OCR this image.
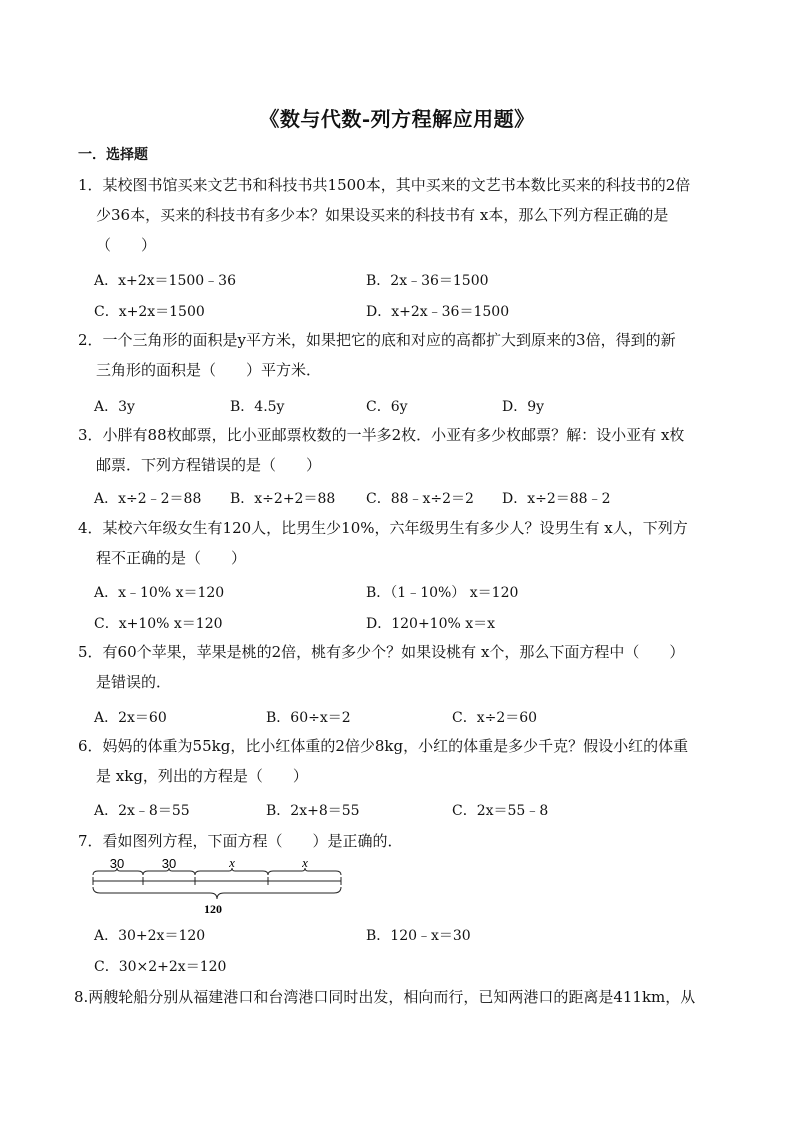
《数与代数-列方程解应用题》
一．选择题
1．某校图书馆买来文艺书和科技书共1500本，其中买来的文艺书本数比买来的科技书的2倍
少36本，买来的科技书有多少本？如果设买来的科技书有 x本，那么下列方程正确的是
（　　）
A．x+2x＝1500﹣36	B．2x﹣36＝1500
C．x+2x＝1500	D．x+2x﹣36＝1500
2．一个三角形的面积是y平方米，如果把它的底和对应的高都扩大到原来的3倍，得到的新
三角形的面积是（　　）平方米．
A．3y	B．4.5y	C．6y	D．9y
3．小胖有88枚邮票，比小亚邮票枚数的一半多2枚．小亚有多少枚邮票？解：设小亚有 x枚
邮票．下列方程错误的是（　　）
A．x÷2﹣2＝88 B．x÷2+2＝88 C．88﹣x÷2＝2 D．x÷2＝88﹣2
4．某校六年级女生有120人，比男生少10%，六年级男生有多少人？设男生有 x人，下列方
程不正确的是（　　）
A．x﹣10% x＝120	B．（1﹣10%） x＝120
C．x+10% x＝120	D．120+10% x＝x
5．有60个苹果，苹果是桃的2倍，桃有多少个？如果设桃有 x个，那么下面方程中（　　）
是错误的．
A．2x＝60	B．60÷x＝2	C．x÷2＝60
6．妈妈的体重为55kg，比小红体重的2倍少8kg，小红的体重是多少千克？假设小红的体重
是 xkg，列出的方程是（　　）
A．2x﹣8＝55	B．2x+8＝55	C．2x＝55﹣8
7．看如图列方程，下面方程（　　）是正确的．
30	30	x	x
120
A．30+2x＝120	B．120﹣x＝30
C．30×2+2x＝120
8.两艘轮船分别从福建港口和台湾港口同时出发，相向而行，已知两港口的距离是411km，从
